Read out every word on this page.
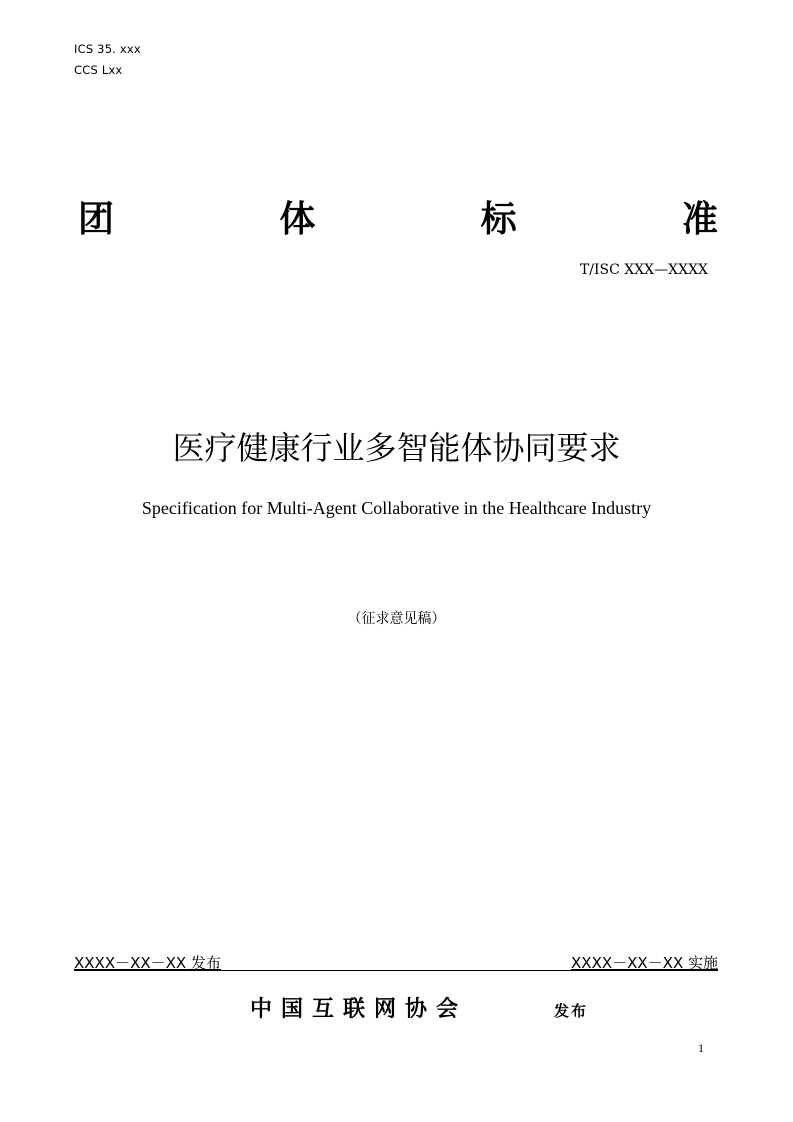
ICS 35. xxx
CCS Lxx
团	体	标	准
T/ISC XXX—XXXX
医疗健康行业多智能体协同要求
Specification for Multi-Agent Collaborative in the Healthcare Industry
（征求意见稿）
XXXX－XX－XX 发布	XXXX－XX－XX 实施
中国互联网协会	发布
1
